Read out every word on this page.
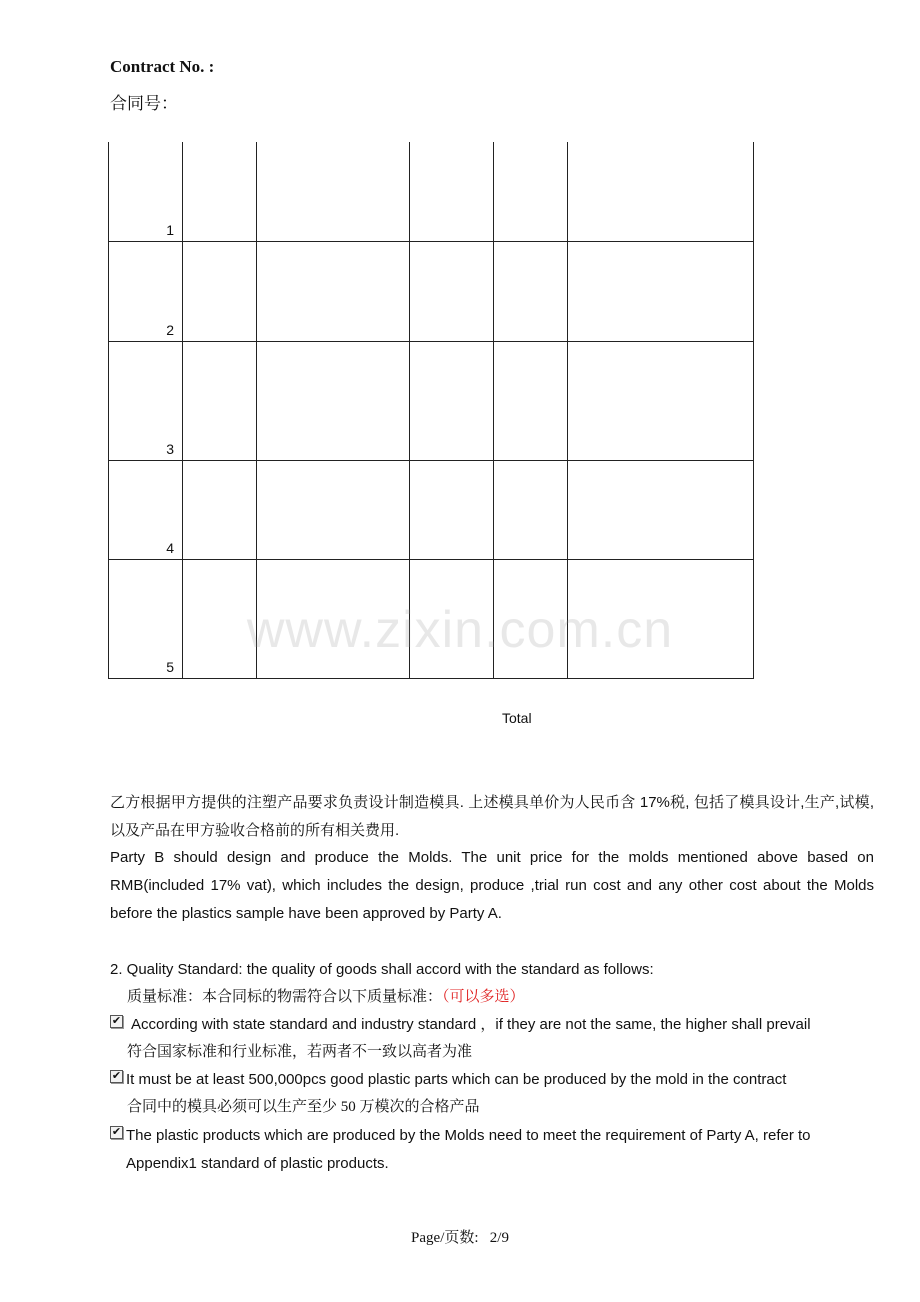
Contract No. :
合同号：
1					
2					
3					
4					
5					
www.zixin.com.cn
Total
乙方根据甲方提供的注塑产品要求负责设计制造模具. 上述模具单价为人民币含 17%税, 包括了模具设计,生产,试模,以及产品在甲方验收合格前的所有相关费用.
Party B should design and produce the Molds. The unit price for the molds mentioned above based on RMB(included 17% vat), which includes the design, produce ,trial run cost and any other cost about the Molds before the plastics sample have been approved by Party A.
2. Quality Standard: the quality of goods shall accord with the standard as follows:
质量标准：本合同标的物需符合以下质量标准：（可以多选）
✔ According with state standard and industry standard ，if they are not the same, the higher shall prevail
符合国家标准和行业标准，若两者不一致以高者为准
✔ It must be at least 500,000pcs good plastic parts which can be produced by the mold in the contract
合同中的模具必须可以生产至少 50 万模次的合格产品
✔ The plastic products which are produced by the Molds need to meet the requirement of Party A, refer to Appendix1 standard of plastic products.
Page/页数: 2/9
